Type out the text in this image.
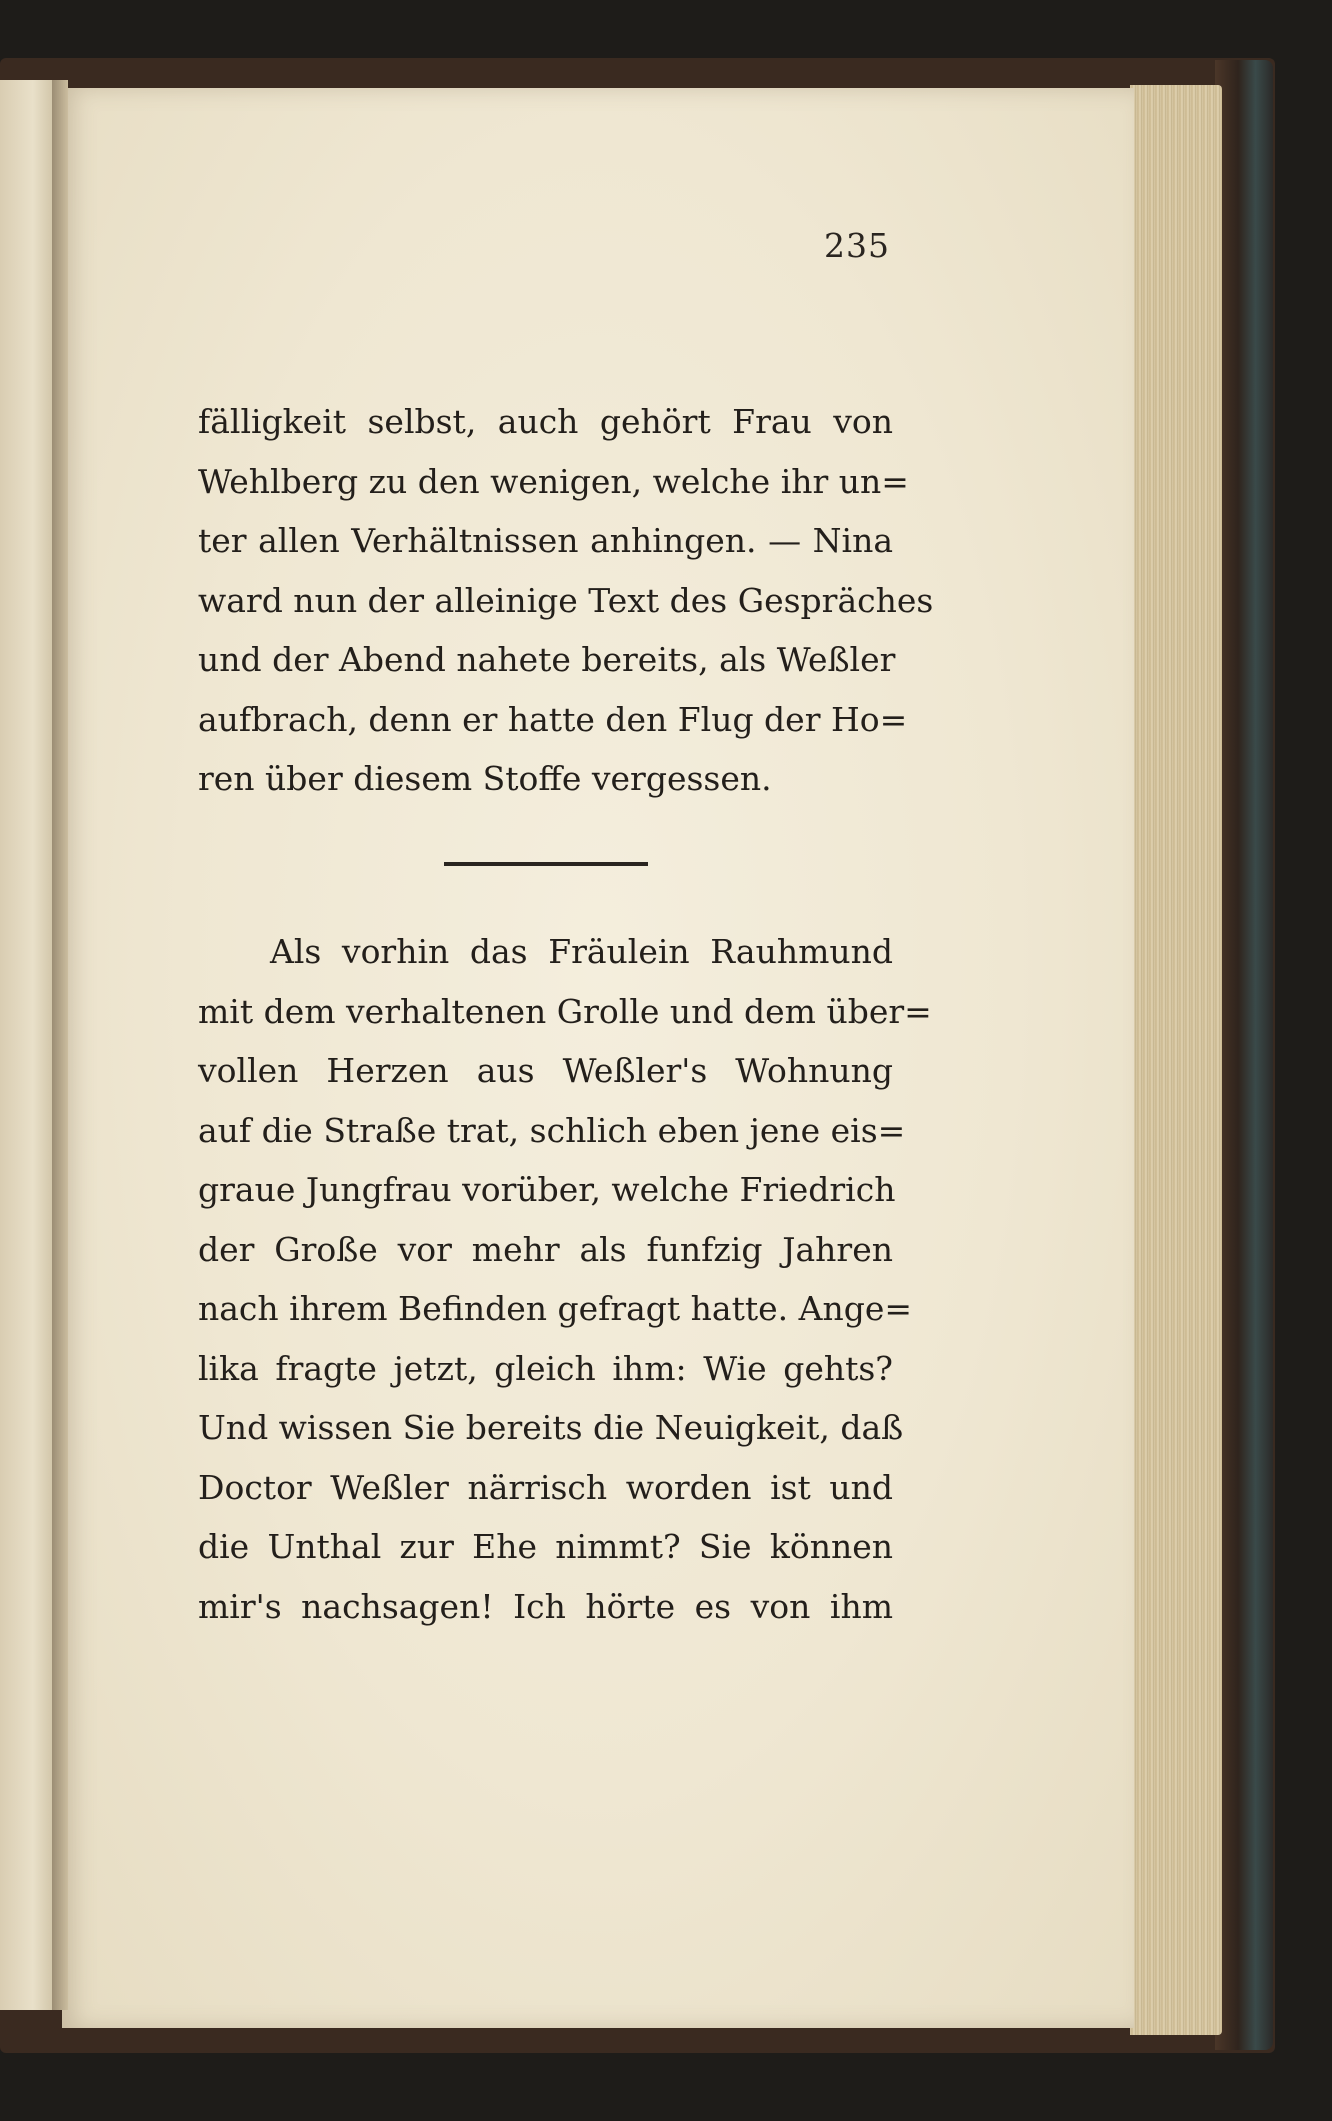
235
fälligkeit selbst, auch gehört Frau von
Wehlberg zu den wenigen, welche ihr un=
ter allen Verhältnissen anhingen. — Nina
ward nun der alleinige Text des Gespräches
und der Abend nahete bereits, als Weßler
aufbrach, denn er hatte den Flug der Ho=
ren über diesem Stoffe vergessen.
Als vorhin das Fräulein Rauhmund
mit dem verhaltenen Grolle und dem über=
vollen Herzen aus Weßler's Wohnung
auf die Straße trat, schlich eben jene eis=
graue Jungfrau vorüber, welche Friedrich
der Große vor mehr als funfzig Jahren
nach ihrem Befinden gefragt hatte. Ange=
lika fragte jetzt, gleich ihm: Wie gehts?
Und wissen Sie bereits die Neuigkeit, daß
Doctor Weßler närrisch worden ist und
die Unthal zur Ehe nimmt? Sie können
mir's nachsagen! Ich hörte es von ihm
